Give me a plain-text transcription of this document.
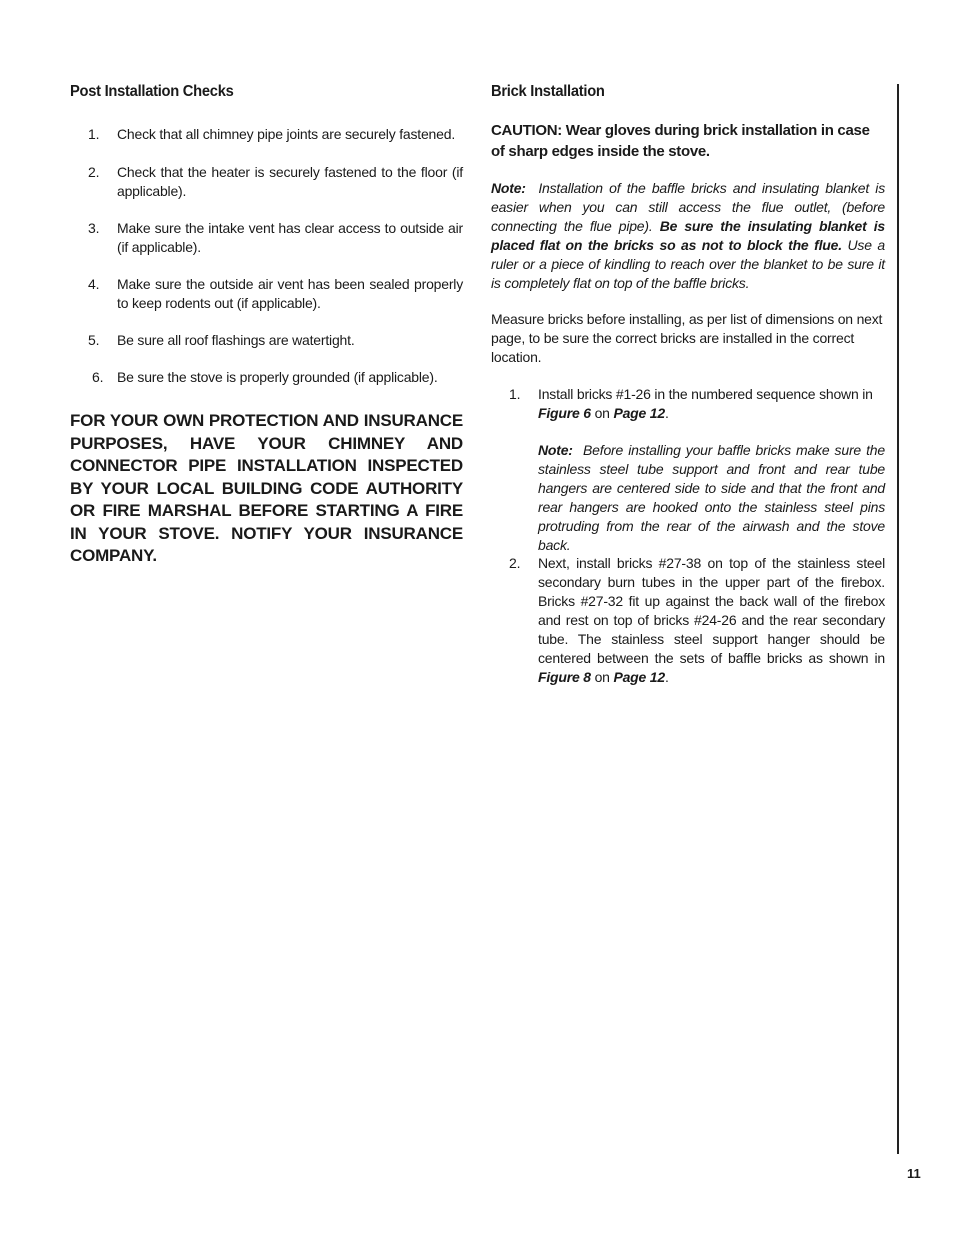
Post Installation Checks
1. Check that all chimney pipe joints are securely fastened.
2. Check that the heater is securely fastened to the floor (if applicable).
3. Make sure the intake vent has clear access to outside air (if applicable).
4. Make sure the outside air vent has been sealed properly to keep rodents out (if applicable).
5. Be sure all roof flashings are watertight.
6. Be sure the stove is properly grounded (if applicable).

FOR YOUR OWN PROTECTION AND INSURANCE PURPOSES, HAVE YOUR CHIMNEY AND CONNECTOR PIPE INSTALLATION INSPECTED BY YOUR LOCAL BUILDING CODE AUTHORITY OR FIRE MARSHAL BEFORE STARTING A FIRE IN YOUR STOVE. NOTIFY YOUR INSURANCE COMPANY.

Brick Installation

CAUTION: Wear gloves during brick installation in case of sharp edges inside the stove.

Note: Installation of the baffle bricks and insulating blanket is easier when you can still access the flue outlet, (before connecting the flue pipe). Be sure the insulating blanket is placed flat on the bricks so as not to block the flue. Use a ruler or a piece of kindling to reach over the blanket to be sure it is completely flat on top of the baffle bricks.

Measure bricks before installing, as per list of dimensions on next page, to be sure the correct bricks are installed in the correct location.

1. Install bricks #1-26 in the numbered sequence shown in Figure 6 on Page 12.

Note: Before installing your baffle bricks make sure the stainless steel tube support and front and rear tube hangers are centered side to side and that the front and rear hangers are hooked onto the stainless steel pins protruding from the rear of the airwash and the stove back.

2. Next, install bricks #27-38 on top of the stainless steel secondary burn tubes in the upper part of the firebox. Bricks #27-32 fit up against the back wall of the firebox and rest on top of bricks #24-26 and the rear secondary tube. The stainless steel support hanger should be centered between the sets of baffle bricks as shown in Figure 8 on Page 12.
11
